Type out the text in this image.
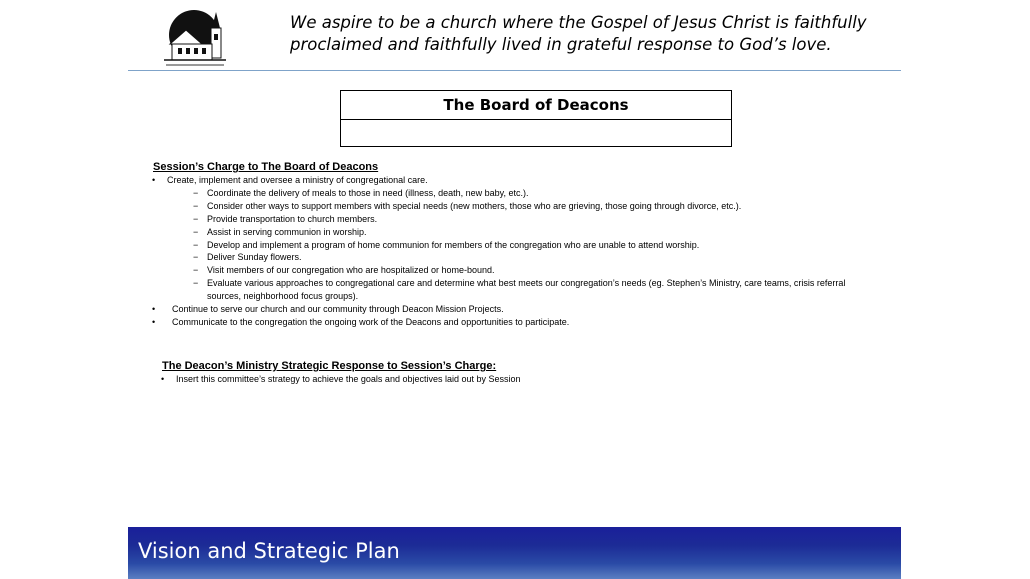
We aspire to be a church where the Gospel of Jesus Christ is faithfully
proclaimed and faithfully lived in grateful response to God’s love.
The Board of Deacons
Session’s Charge to The Board of Deacons
• Create, implement and oversee a ministry of congregational care.
− Coordinate the delivery of meals to those in need (illness, death, new baby, etc.).
− Consider other ways to support members with special needs (new mothers, those who are grieving, those going through divorce, etc.).
− Provide transportation to church members.
− Assist in serving communion in worship.
− Develop and implement a program of home communion for members of the congregation who are unable to attend worship.
− Deliver Sunday flowers.
− Visit members of our congregation who are hospitalized or home-bound.
− Evaluate various approaches to congregational care and determine what best meets our congregation’s needs (eg. Stephen’s Ministry, care teams, crisis referral sources, neighborhood focus groups).
• Continue to serve our church and our community through Deacon Mission Projects.
• Communicate to the congregation the ongoing work of the Deacons and opportunities to participate.
The Deacon’s Ministry Strategic Response to Session’s Charge:
• Insert this committee’s strategy to achieve the goals and objectives laid out by Session
Vision and Strategic Plan
